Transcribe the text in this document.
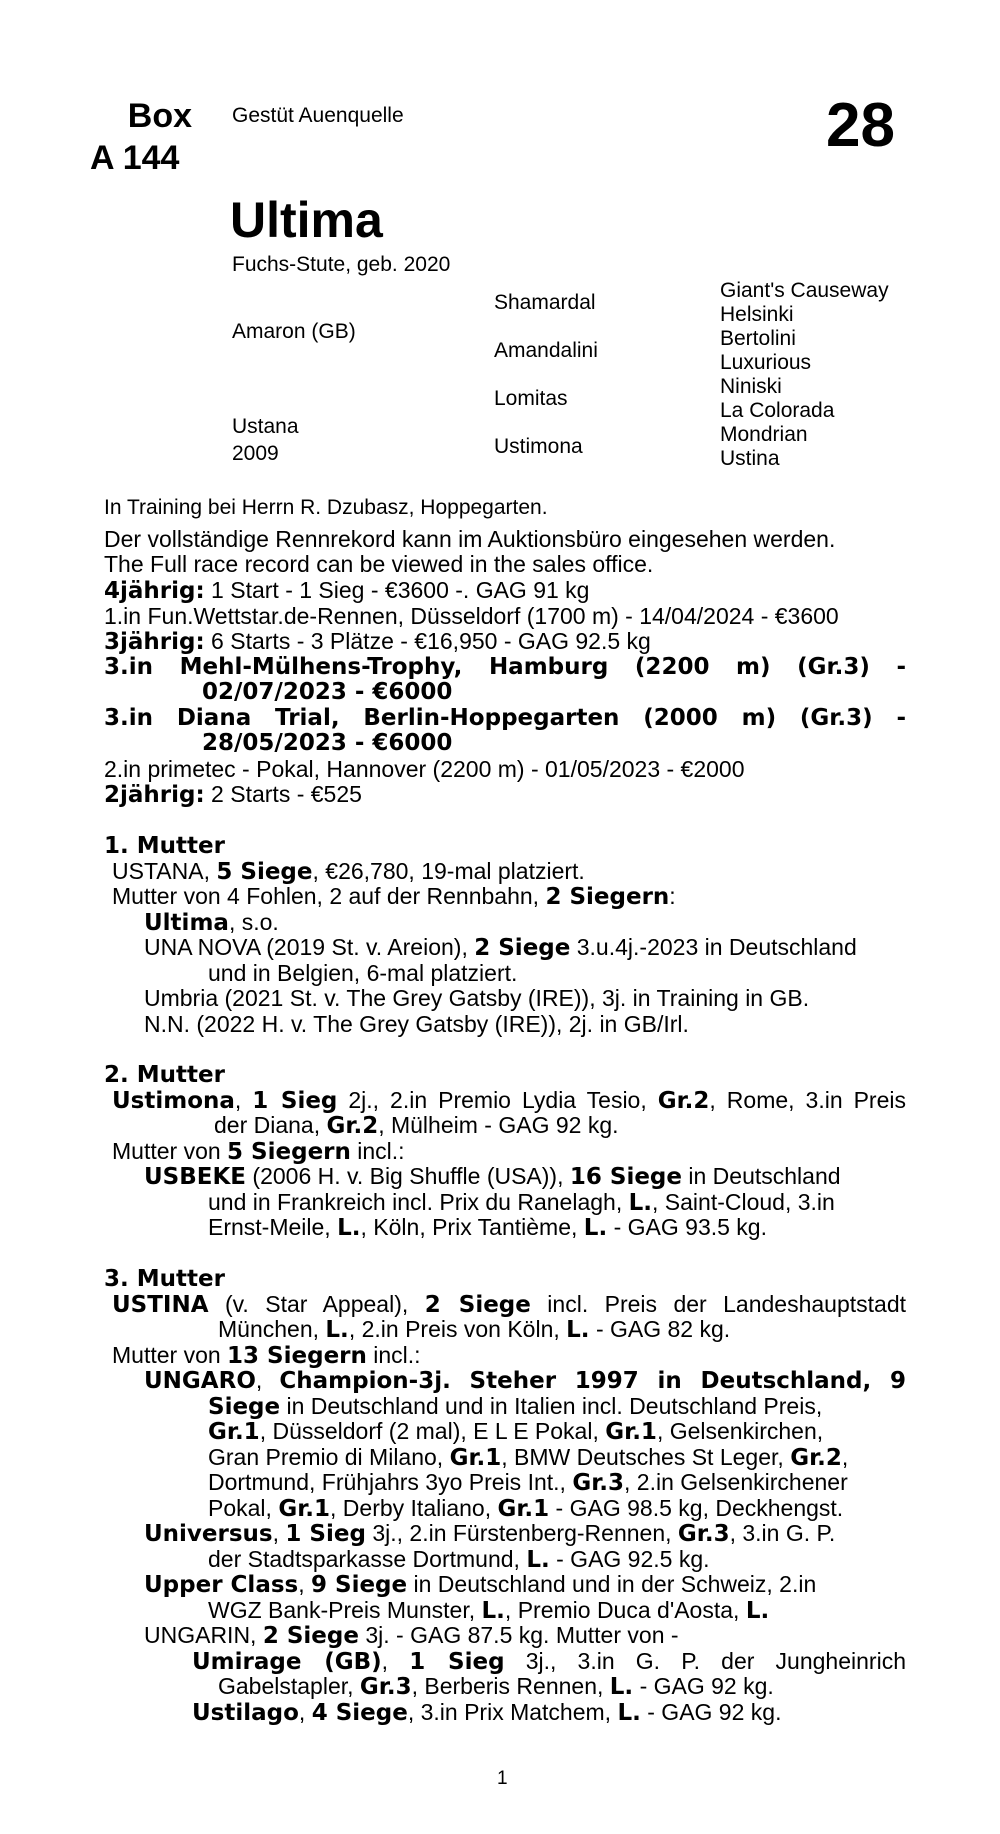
Box
A 144
Gestüt Auenquelle	28
Ultima
Fuchs-Stute, geb. 2020
Amaron (GB)
Ustana
2009
Shamardal
Amandalini
Lomitas
Ustimona
Giant's Causeway
Helsinki
Bertolini
Luxurious
Niniski
La Colorada
Mondrian
Ustina
In Training bei Herrn R. Dzubasz, Hoppegarten.
Der vollständige Rennrekord kann im Auktionsbüro eingesehen werden.
The Full race record can be viewed in the sales office.
4jährig: 1 Start - 1 Sieg - €3600 -. GAG 91 kg
1.in Fun.Wettstar.de-Rennen, Düsseldorf (1700 m) - 14/04/2024 - €3600
3jährig: 6 Starts - 3 Plätze - €16,950 - GAG 92.5 kg
3.in Mehl-Mülhens-Trophy, Hamburg (2200 m) (Gr.3) -
02/07/2023 - €6000
3.in Diana Trial, Berlin-Hoppegarten (2000 m) (Gr.3) -
28/05/2023 - €6000
2.in primetec - Pokal, Hannover (2200 m) - 01/05/2023 - €2000
2jährig: 2 Starts - €525
1. Mutter
USTANA, 5 Siege, €26,780, 19-mal platziert.
Mutter von 4 Fohlen, 2 auf der Rennbahn, 2 Siegern:
Ultima, s.o.
UNA NOVA (2019 St. v. Areion), 2 Siege 3.u.4j.-2023 in Deutschland
und in Belgien, 6-mal platziert.
Umbria (2021 St. v. The Grey Gatsby (IRE)), 3j. in Training in GB.
N.N. (2022 H. v. The Grey Gatsby (IRE)), 2j. in GB/Irl.
2. Mutter
Ustimona, 1 Sieg 2j., 2.in Premio Lydia Tesio, Gr.2, Rome, 3.in Preis
der Diana, Gr.2, Mülheim - GAG 92 kg.
Mutter von 5 Siegern incl.:
USBEKE (2006 H. v. Big Shuffle (USA)), 16 Siege in Deutschland
und in Frankreich incl. Prix du Ranelagh, L., Saint-Cloud, 3.in
Ernst-Meile, L., Köln, Prix Tantième, L. - GAG 93.5 kg.
3. Mutter
USTINA (v. Star Appeal), 2 Siege incl. Preis der Landeshauptstadt
München, L., 2.in Preis von Köln, L. - GAG 82 kg.
Mutter von 13 Siegern incl.:
UNGARO, Champion-3j. Steher 1997 in Deutschland, 9
Siege in Deutschland und in Italien incl. Deutschland Preis,
Gr.1, Düsseldorf (2 mal), E L E Pokal, Gr.1, Gelsenkirchen,
Gran Premio di Milano, Gr.1, BMW Deutsches St Leger, Gr.2,
Dortmund, Frühjahrs 3yo Preis Int., Gr.3, 2.in Gelsenkirchener
Pokal, Gr.1, Derby Italiano, Gr.1 - GAG 98.5 kg, Deckhengst.
Universus, 1 Sieg 3j., 2.in Fürstenberg-Rennen, Gr.3, 3.in G. P.
der Stadtsparkasse Dortmund, L. - GAG 92.5 kg.
Upper Class, 9 Siege in Deutschland und in der Schweiz, 2.in
WGZ Bank-Preis Munster, L., Premio Duca d'Aosta, L.
UNGARIN, 2 Siege 3j. - GAG 87.5 kg. Mutter von -
Umirage (GB), 1 Sieg 3j., 3.in G. P. der Jungheinrich
Gabelstapler, Gr.3, Berberis Rennen, L. - GAG 92 kg.
Ustilago, 4 Siege, 3.in Prix Matchem, L. - GAG 92 kg.
1
